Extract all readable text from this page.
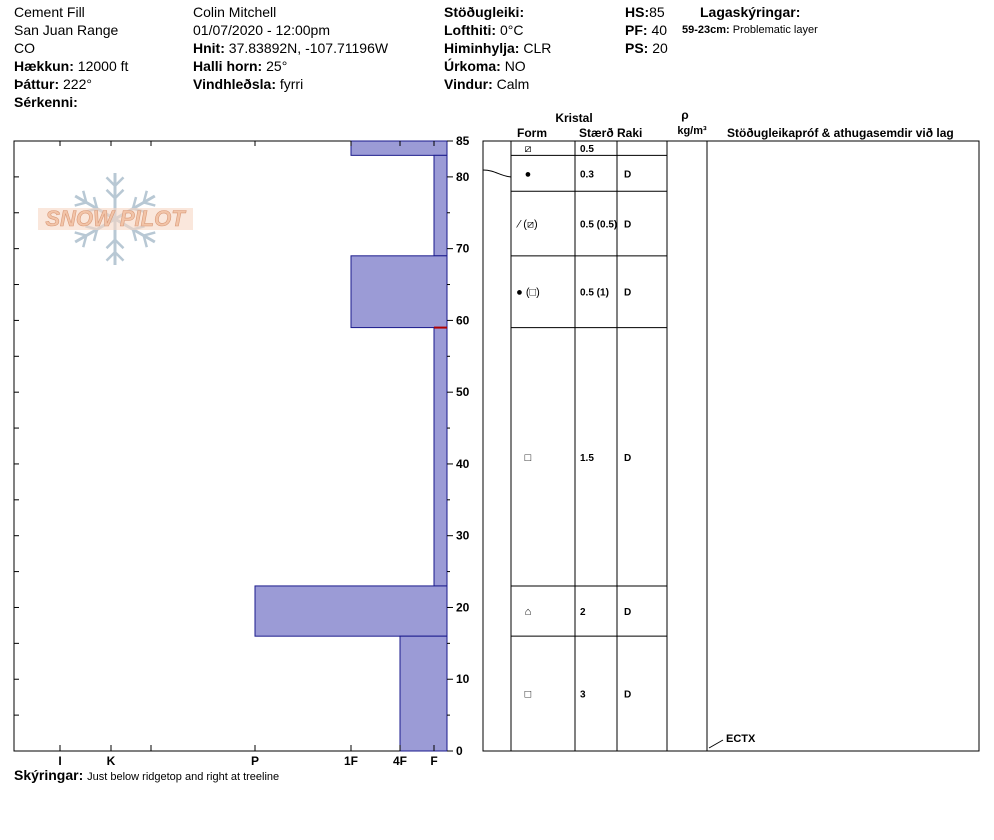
Cement Fill
San Juan Range
CO
Hækkun: 12000 ft
Þáttur: 222°
Sérkenni:
Colin Mitchell
01/07/2020 - 12:00pm
Hnit: 37.83892N, -107.71196W
Halli horn: 25°
Vindhleðsla: fyrri
Stöðugleiki:
Lofthiti: 0°C
Himinhylja: CLR
Úrkoma: NO
Vindur: Calm
HS:85
PF: 40
PS: 20
Lagaskýringar:
59-23cm: Problematic layer
Skýringar: Just below ridgetop and right at treeline
SNOW PILOT
0
10
20
30
40
50
60
70
80
85
I	K	P	1F	4F F
⧄	0.5
●	0.3	D
⁄ (⧄)	0.5 (0.5) D
● (□)	0.5 (1) D
□	1.5	D
⌂	2	D
□	3	D
Kristal
Form	Stærð Raki
ρ
kg/m³ Stöðugleikapróf & athugasemdir við lag
ECTX
